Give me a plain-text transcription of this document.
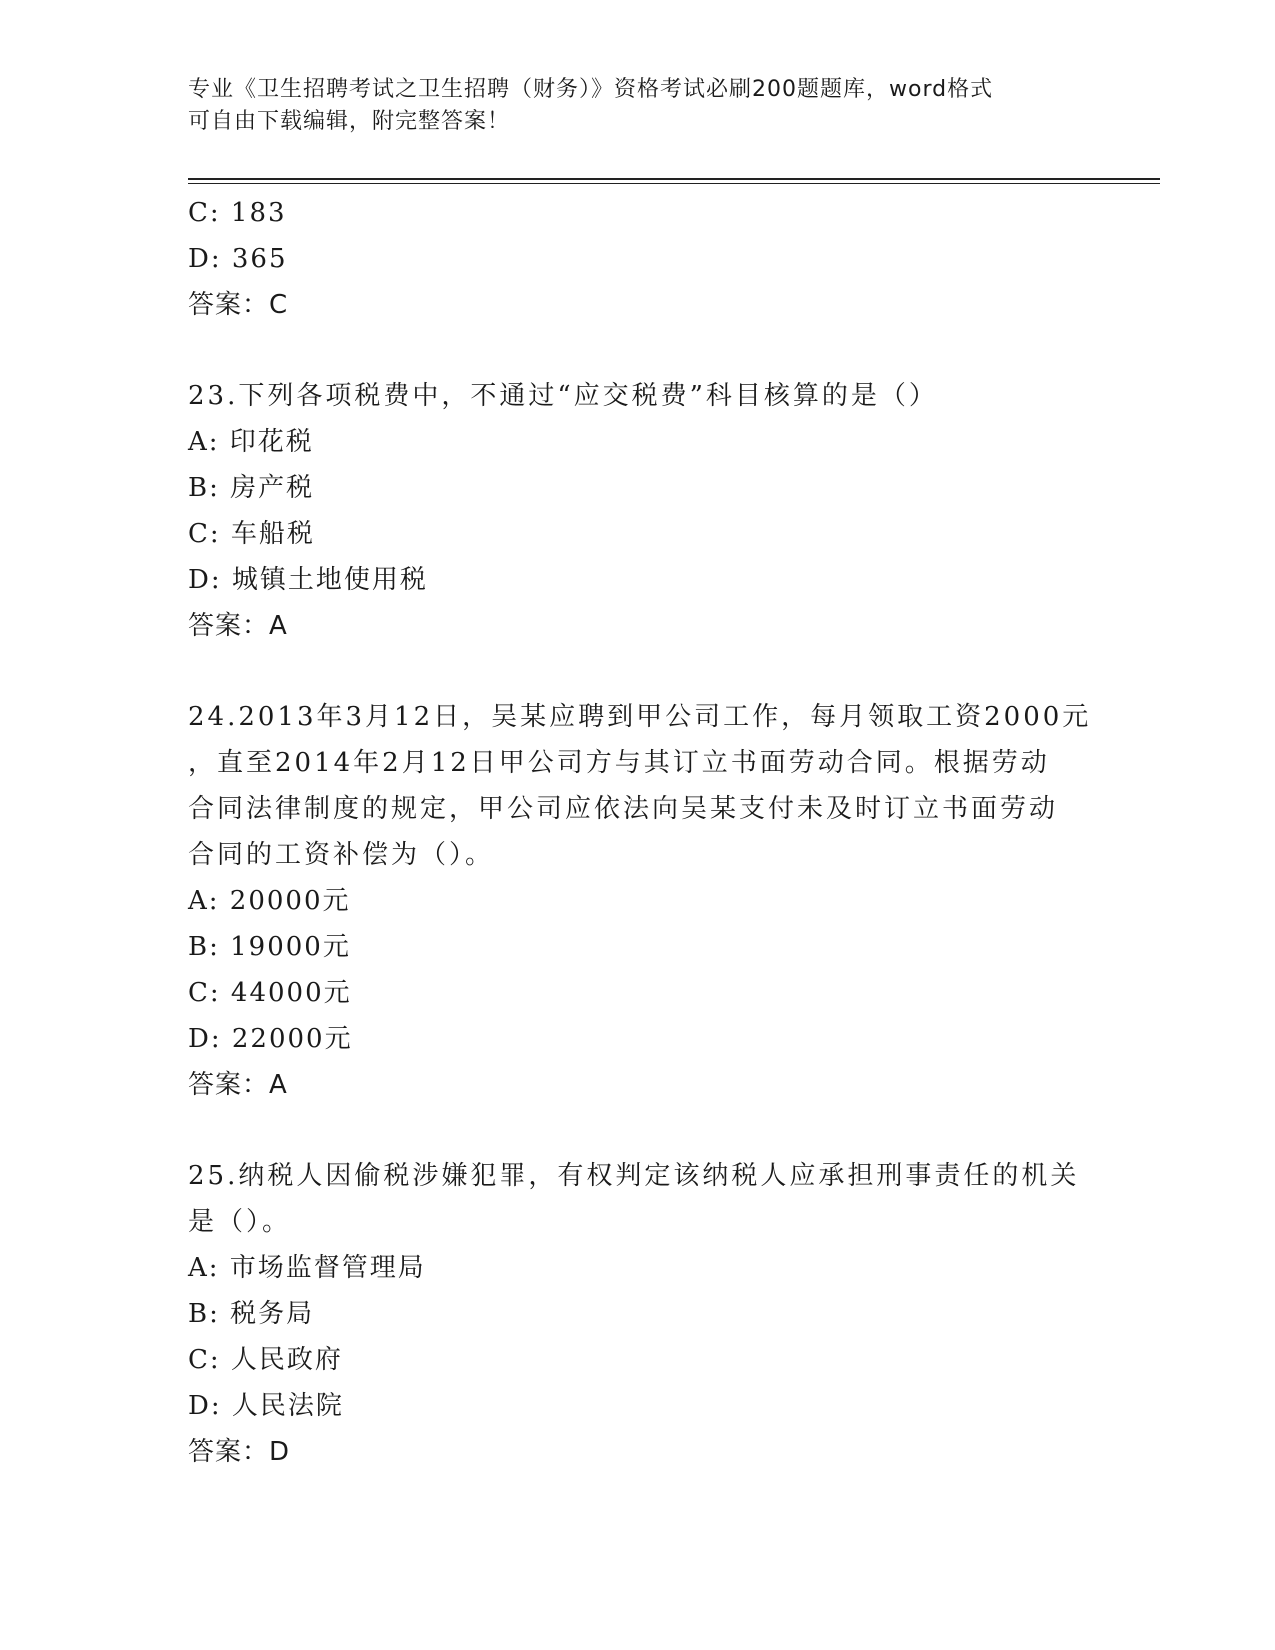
专业《卫生招聘考试之卫生招聘（财务）》资格考试必刷200题题库，word格式
可自由下载编辑，附完整答案！
C: 183
D: 365
答案：C
23.下列各项税费中，不通过“应交税费”科目核算的是（）
A: 印花税
B: 房产税
C: 车船税
D: 城镇土地使用税
答案：A
24.2013年3月12日，吴某应聘到甲公司工作，每月领取工资2000元
，直至2014年2月12日甲公司方与其订立书面劳动合同。根据劳动
合同法律制度的规定，甲公司应依法向吴某支付未及时订立书面劳动
合同的工资补偿为（）。
A: 20000元
B: 19000元
C: 44000元
D: 22000元
答案：A
25.纳税人因偷税涉嫌犯罪，有权判定该纳税人应承担刑事责任的机关
是（）。
A: 市场监督管理局
B: 税务局
C: 人民政府
D: 人民法院
答案：D
